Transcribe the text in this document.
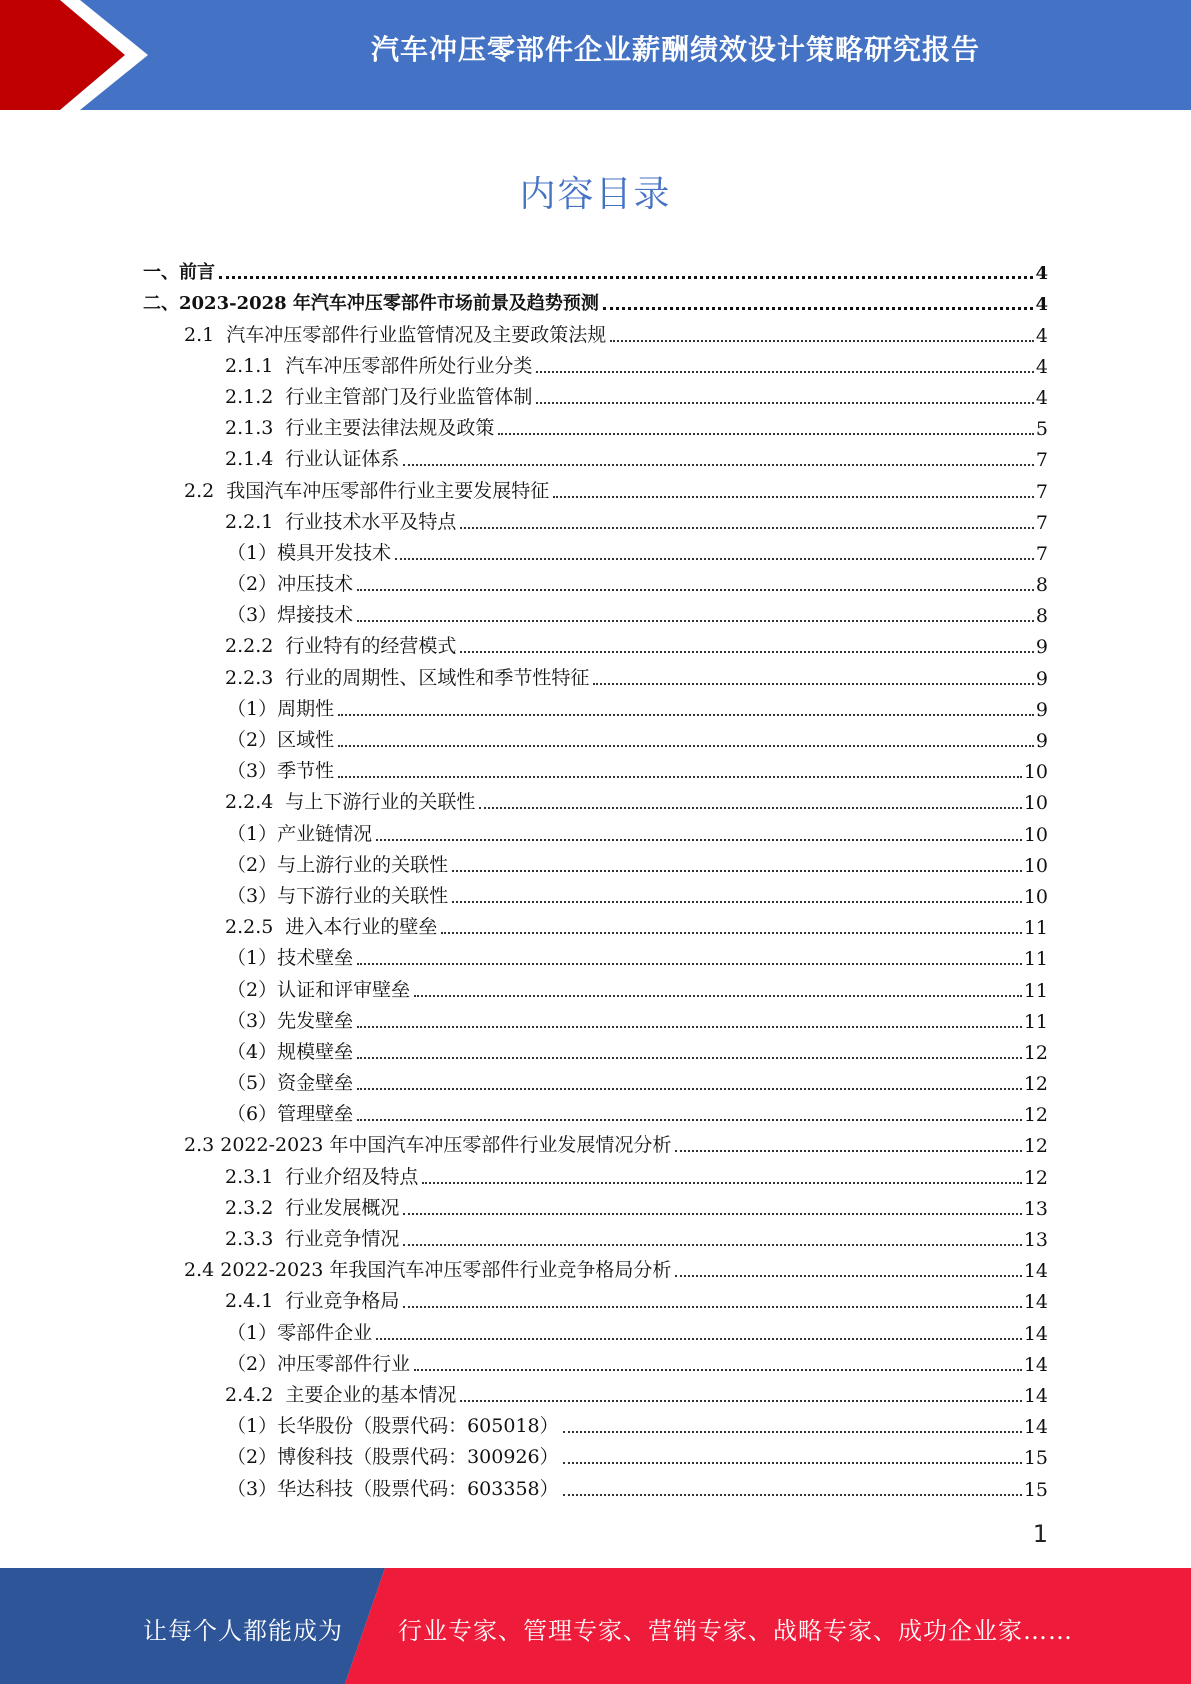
汽车冲压零部件企业薪酬绩效设计策略研究报告
内容目录
一、前言	4
二、2023-2028 年汽车冲压零部件市场前景及趋势预测	4
2.1  汽车冲压零部件行业监管情况及主要政策法规	4
2.1.1  汽车冲压零部件所处行业分类	4
2.1.2  行业主管部门及行业监管体制	4
2.1.3  行业主要法律法规及政策	5
2.1.4  行业认证体系	7
2.2  我国汽车冲压零部件行业主要发展特征	7
2.2.1  行业技术水平及特点	7
（1）模具开发技术	7
（2）冲压技术	8
（3）焊接技术	8
2.2.2  行业特有的经营模式	9
2.2.3  行业的周期性、区域性和季节性特征	9
（1）周期性	9
（2）区域性	9
（3）季节性	10
2.2.4  与上下游行业的关联性	10
（1）产业链情况	10
（2）与上游行业的关联性	10
（3）与下游行业的关联性	10
2.2.5  进入本行业的壁垒	11
（1）技术壁垒	11
（2）认证和评审壁垒	11
（3）先发壁垒	11
（4）规模壁垒	12
（5）资金壁垒	12
（6）管理壁垒	12
2.3 2022-2023 年中国汽车冲压零部件行业发展情况分析	12
2.3.1  行业介绍及特点	12
2.3.2  行业发展概况	13
2.3.3  行业竞争情况	13
2.4 2022-2023 年我国汽车冲压零部件行业竞争格局分析	14
2.4.1  行业竞争格局	14
（1）零部件企业	14
（2）冲压零部件行业	14
2.4.2  主要企业的基本情况	14
（1）长华股份（股票代码：605018）	14
（2）博俊科技（股票代码：300926）	15
（3）华达科技（股票代码：603358）	15
1
让每个人都能成为 行业专家、管理专家、营销专家、战略专家、成功企业家……
